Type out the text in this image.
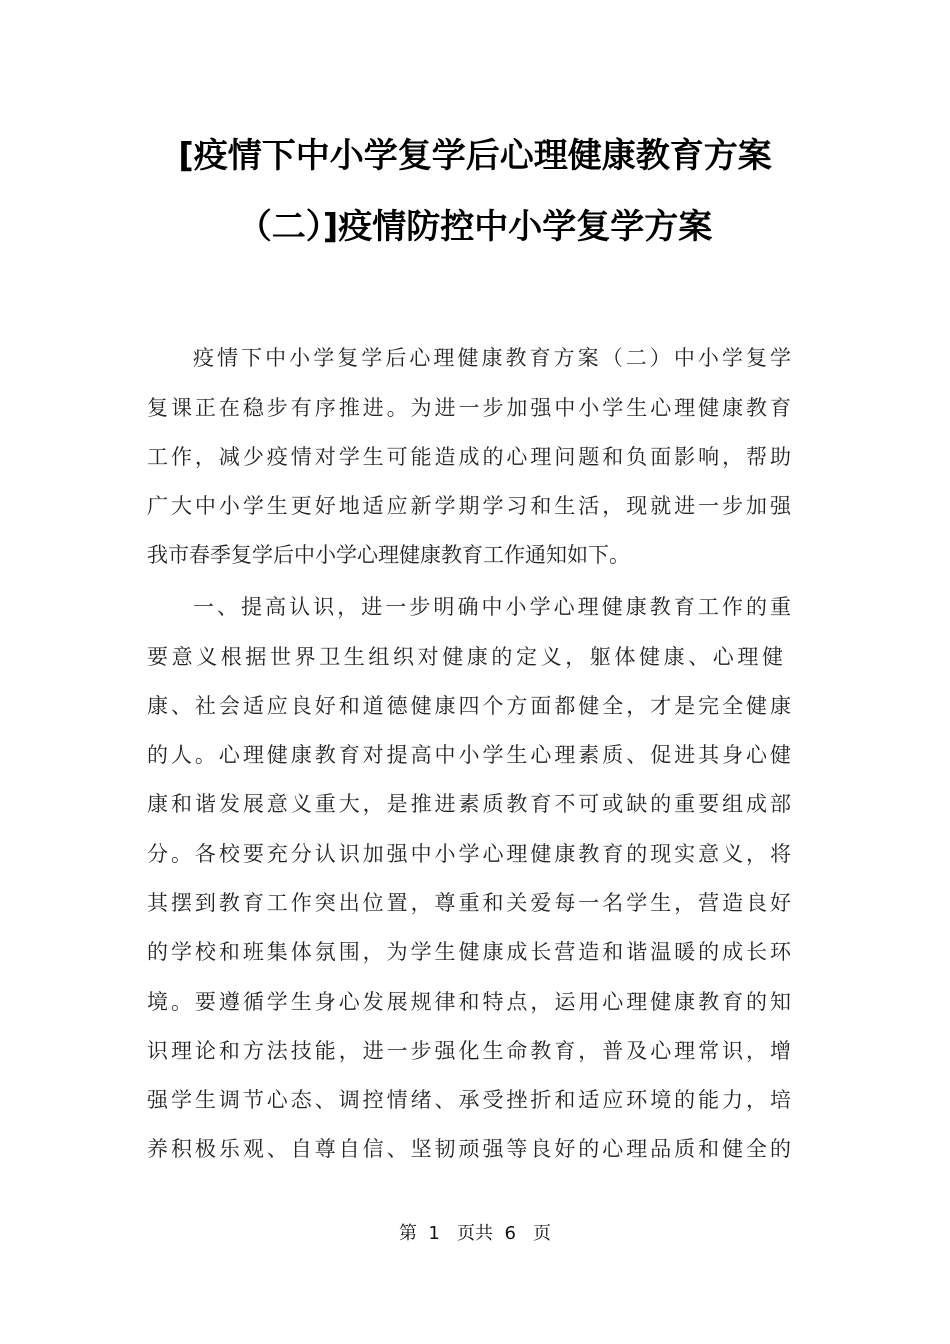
[疫情下中小学复学后心理健康教育方案
（二）]疫情防控中小学复学方案
疫情下中小学复学后心理健康教育方案（二）中小学复学
复课正在稳步有序推进。为进一步加强中小学生心理健康教育
工作，减少疫情对学生可能造成的心理问题和负面影响，帮助
广大中小学生更好地适应新学期学习和生活，现就进一步加强
我市春季复学后中小学心理健康教育工作通知如下。
一、提高认识，进一步明确中小学心理健康教育工作的重
要意义根据世界卫生组织对健康的定义，躯体健康、心理健
康、社会适应良好和道德健康四个方面都健全，才是完全健康
的人。心理健康教育对提高中小学生心理素质、促进其身心健
康和谐发展意义重大，是推进素质教育不可或缺的重要组成部
分。各校要充分认识加强中小学心理健康教育的现实意义，将
其摆到教育工作突出位置，尊重和关爱每一名学生，营造良好
的学校和班集体氛围，为学生健康成长营造和谐温暖的成长环
境。要遵循学生身心发展规律和特点，运用心理健康教育的知
识理论和方法技能，进一步强化生命教育，普及心理常识，增
强学生调节心态、调控情绪、承受挫折和适应环境的能力，培
养积极乐观、自尊自信、坚韧顽强等良好的心理品质和健全的
第  1   页共  6   页
